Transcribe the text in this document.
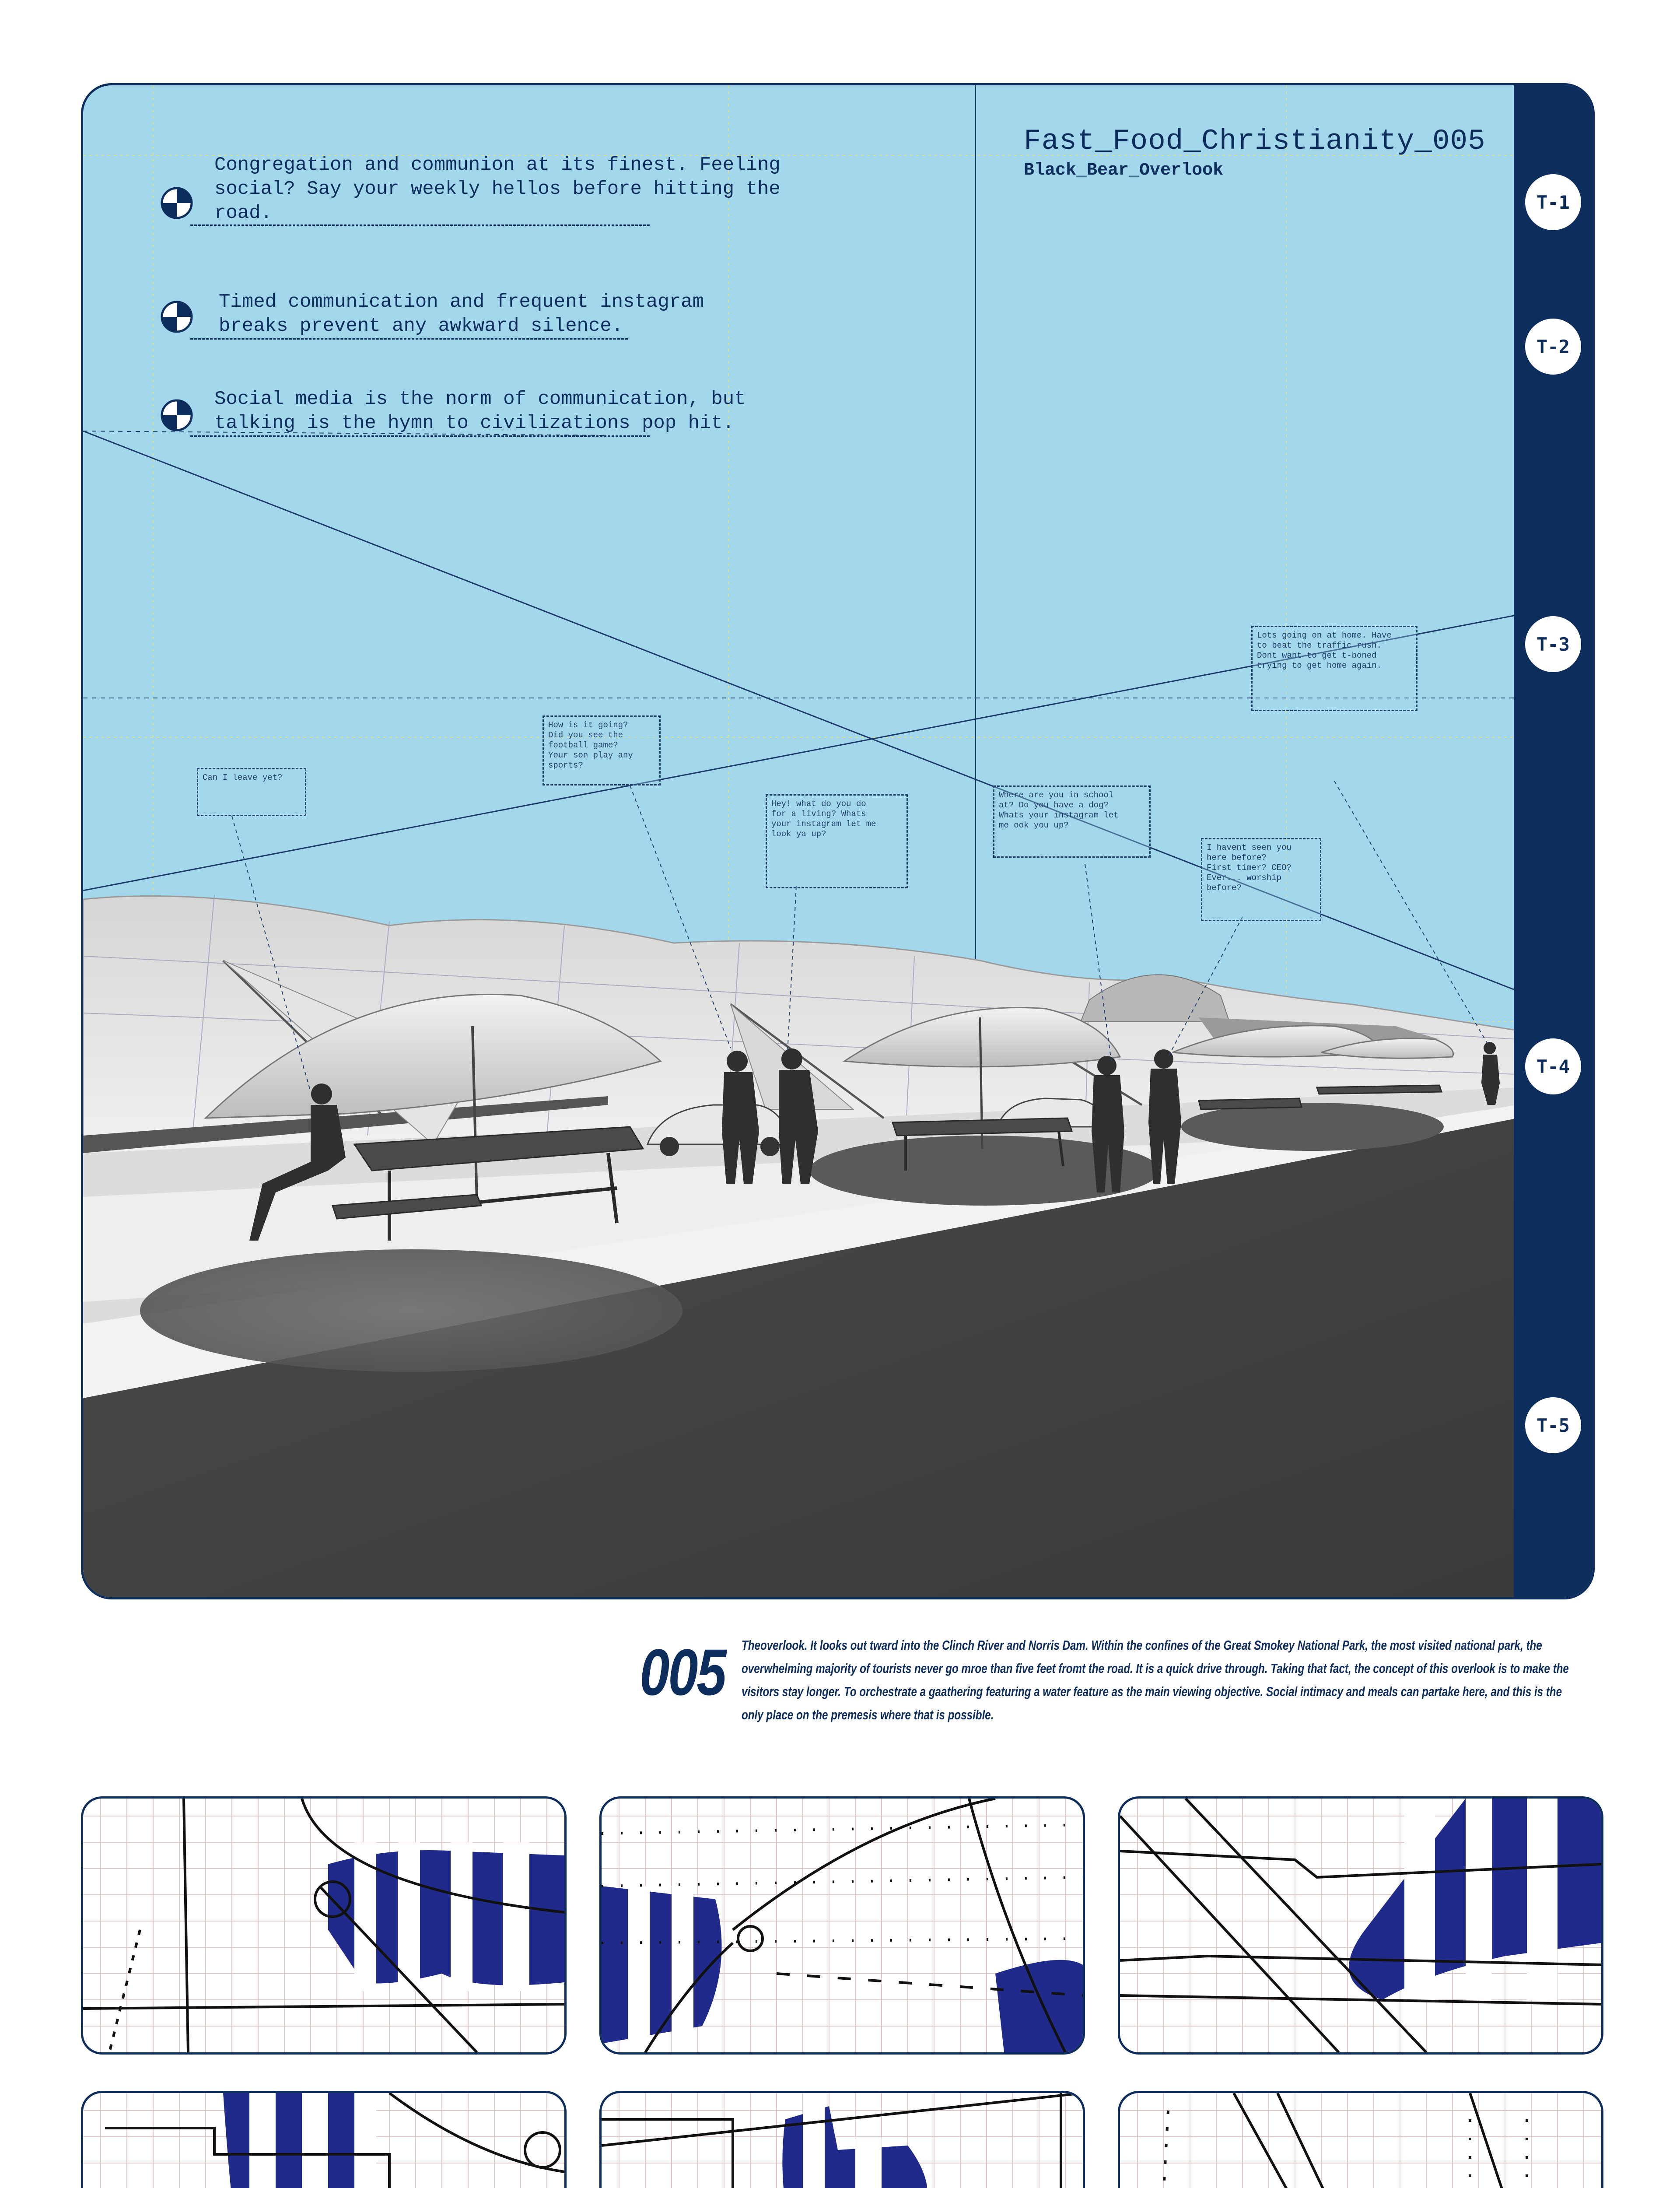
Congregation and communion at its finest. Feeling
social? Say your weekly hellos before hitting the
road.
Timed communication and frequent instagram
breaks prevent any awkward silence.
Social media is the norm of communication, but
talking is the hymn to civilizations pop hit.
Fast_Food_Christianity_005
Black_Bear_Overlook
Can I leave yet?
How is it going?
Did you see the
football game?
Your son play any
sports?
Hey! what do you do
for a living? Whats
your instagram let me
look ya up?
Where are you in school
at? Do you have a dog?
Whats your instagram let
me ook you up?
Lots going on at home. Have
to beat the traffic rush.
Dont want to get t-boned
trying to get home again.
I havent seen you
here before?
First timer? CEO?
Ever... worship
before?
T-1
T-2
T-3
T-4
T-5
005 Theoverlook. It looks out tward into the Clinch River and Norris Dam. Within the confines of the Great Smokey National Park, the most visited national park, the overwhelming majority of tourists never go mroe than five feet fromt the road. It is a quick drive through. Taking that fact, the concept of this overlook is to make the visitors stay longer. To orchestrate a gaathering featuring a water feature as the main viewing objective. Social intimacy and meals can partake here, and this is the only place on the premesis where that is possible.
